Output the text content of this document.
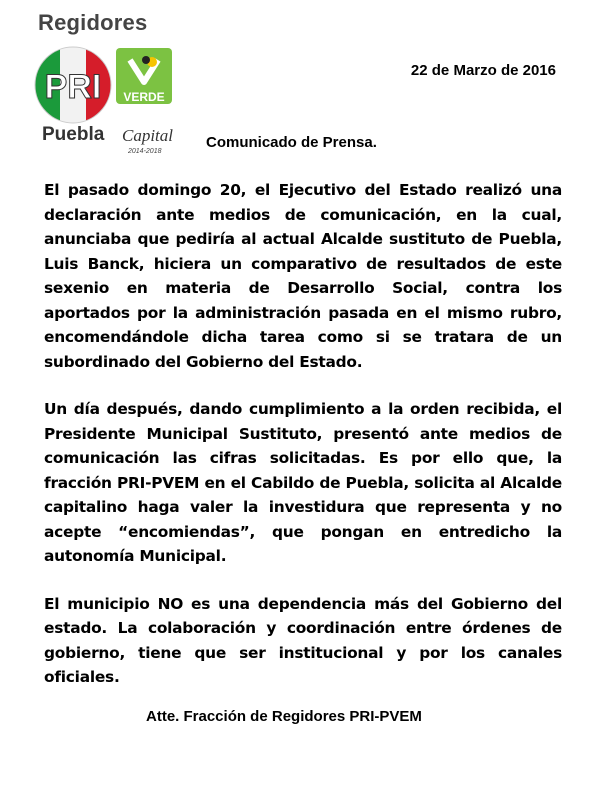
Regidores
PRI	VERDE
Puebla Capital
2014-2018
22 de Marzo de 2016
Comunicado de Prensa.

El pasado domingo 20, el Ejecutivo del Estado realizó una declaración ante medios de comunicación, en la cual, anunciaba que pediría al actual Alcalde sustituto de Puebla, Luis Banck, hiciera un comparativo de resultados de este sexenio en materia de Desarrollo Social, contra los aportados por la administración pasada en el mismo rubro, encomendándole dicha tarea como si se tratara de un subordinado del Gobierno del Estado.

Un día después, dando cumplimiento a la orden recibida, el Presidente Municipal Sustituto, presentó ante medios de comunicación las cifras solicitadas. Es por ello que, la fracción PRI-PVEM en el Cabildo de Puebla, solicita al Alcalde capitalino haga valer la investidura que representa y no acepte “encomiendas”, que pongan en entredicho la autonomía Municipal.

El municipio NO es una dependencia más del Gobierno del estado. La colaboración y coordinación entre órdenes de gobierno, tiene que ser institucional y por los canales oficiales.

Atte. Fracción de Regidores PRI-PVEM
